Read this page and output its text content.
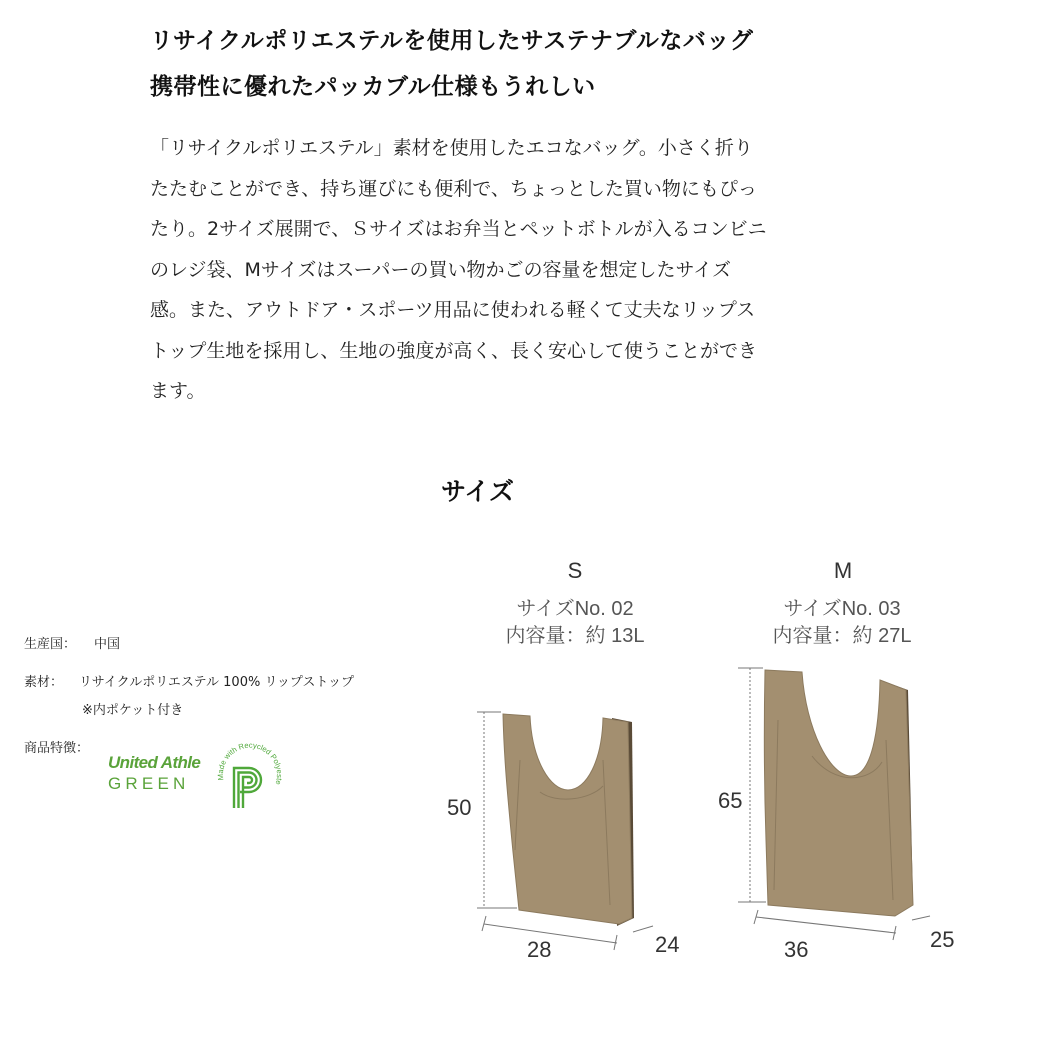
リサイクルポリエステルを使用したサステナブルなバッグ
携帯性に優れたパッカブル仕様もうれしい
「リサイクルポリエステル」素材を使用したエコなバッグ。小さく折り
たたむことができ、持ち運びにも便利で、ちょっとした買い物にもぴっ
たり。2サイズ展開で、Ｓサイズはお弁当とペットボトルが入るコンビニ
のレジ袋、Mサイズはスーパーの買い物かごの容量を想定したサイズ
感。また、アウトドア・スポーツ用品に使われる軽くて丈夫なリップス
トップ生地を採用し、生地の強度が高く、長く安心して使うことができ
ます。
サイズ
生産国： 中国
素材： リサイクルポリエステル 100% リップストップ
※内ポケット付き
商品特徴：
United Athle
GREEN	Made with Recycled Polyeste
S
サイズNo. 02
内容量：約 13L
M
サイズNo. 03
内容量：約 27L
50
28	24
65
36	25
